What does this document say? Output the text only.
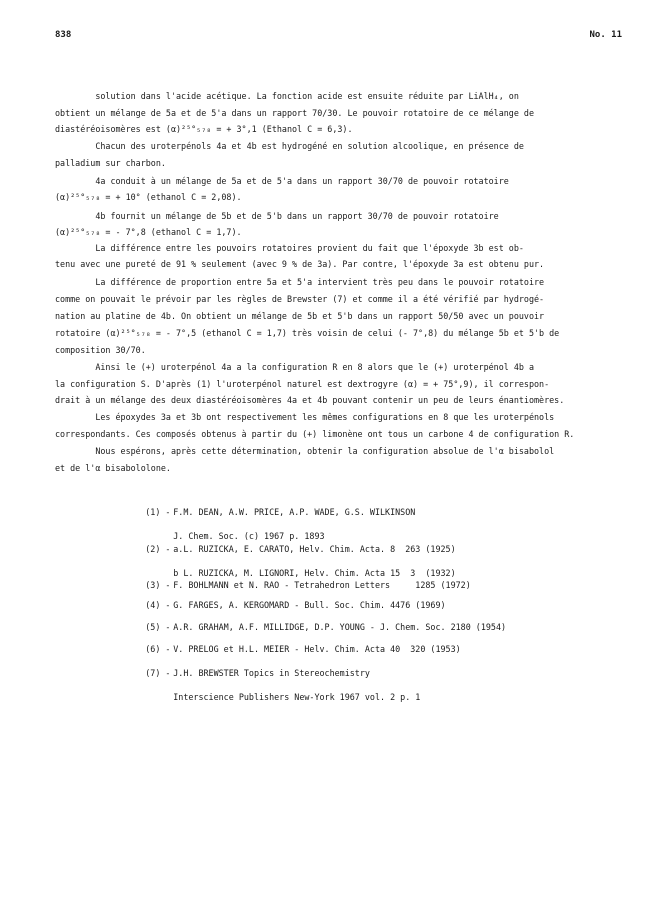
838	No. 11
solution dans l'acide acétique. La fonction acide est ensuite réduite par LiAlH₄, on
obtient un mélange de 5a et de 5'a dans un rapport 70/30. Le pouvoir rotatoire de ce mélange de
diastéréoisomères est (α)²⁵°₅₇₈ = + 3°,1 (Ethanol C = 6,3).
Chacun des uroterpénols 4a et 4b est hydrogéné en solution alcoolique, en présence de
palladium sur charbon.
4a conduit à un mélange de 5a et de 5'a dans un rapport 30/70 de pouvoir rotatoire
(α)²⁵°₅₇₈ = + 10° (ethanol C = 2,08).
4b fournit un mélange de 5b et de 5'b dans un rapport 30/70 de pouvoir rotatoire
(α)²⁵°₅₇₈ = - 7°,8 (ethanol C = 1,7).
La différence entre les pouvoirs rotatoires provient du fait que l'époxyde 3b est ob-
tenu avec une pureté de 91 % seulement (avec 9 % de 3a). Par contre, l'époxyde 3a est obtenu pur.
La différence de proportion entre 5a et 5'a intervient très peu dans le pouvoir rotatoire
comme on pouvait le prévoir par les règles de Brewster (7) et comme il a été vérifié par hydrogé-
nation au platine de 4b. On obtient un mélange de 5b et 5'b dans un rapport 50/50 avec un pouvoir
rotatoire (α)²⁵°₅₇₈ = - 7°,5 (ethanol C = 1,7) très voisin de celui (- 7°,8) du mélange 5b et 5'b de
composition 30/70.
Ainsi le (+) uroterpénol 4a a la configuration R en 8 alors que le (+) uroterpénol 4b a
la configuration S. D'après (1) l'uroterpénol naturel est dextrogyre (α) = + 75°,9), il correspon-
drait à un mélange des deux diastéréoisomères 4a et 4b pouvant contenir un peu de leurs énantiomères.
Les époxydes 3a et 3b ont respectivement les mêmes configurations en 8 que les uroterpénols
correspondants. Ces composés obtenus à partir du (+) limonène ont tous un carbone 4 de configuration R.
Nous espérons, après cette détermination, obtenir la configuration absolue de l'α bisabolol
et de l'α bisabololone.

(1) - F.M. DEAN, A.W. PRICE, A.P. WADE, G.S. WILKINSON

J. Chem. Soc. (c) 1967 p. 1893

(2) - a.L. RUZICKA, E. CARATO, Helv. Chim. Acta. 8  263 (1925)

b L. RUZICKA, M. LIGNORI, Helv. Chim. Acta 15  3  (1932)

(3) - F. BOHLMANN et N. RAO - Tetrahedron Letters     1285 (1972)

(4) - G. FARGES, A. KERGOMARD - Bull. Soc. Chim. 4476 (1969)

(5) - A.R. GRAHAM, A.F. MILLIDGE, D.P. YOUNG - J. Chem. Soc. 2180 (1954)

(6) - V. PRELOG et H.L. MEIER - Helv. Chim. Acta 40  320 (1953)

(7) - J.H. BREWSTER Topics in Stereochemistry

Interscience Publishers New-York 1967 vol. 2 p. 1
